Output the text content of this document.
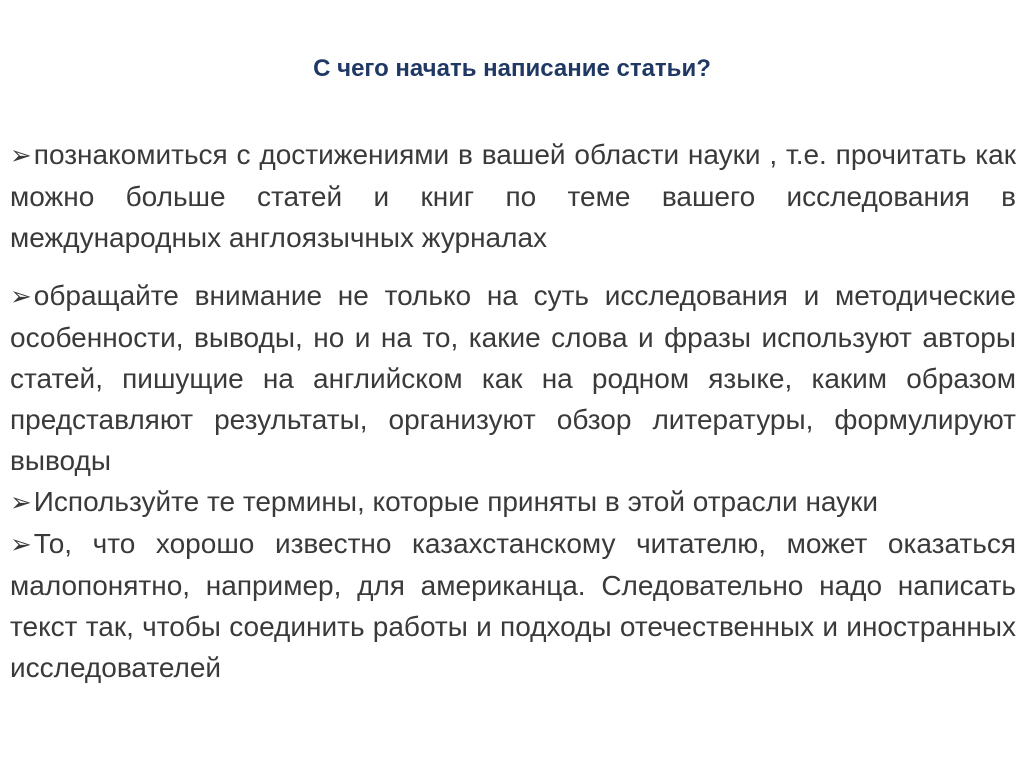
С чего начать написание статьи?

➢познакомиться с достижениями в вашей области науки , т.е. прочитать как можно больше статей и книг по теме вашего исследования в международных англоязычных журналах

➢обращайте внимание не только на суть исследования и методические особенности, выводы, но и на то, какие слова и фразы используют авторы статей, пишущие на английском как на родном языке, каким образом представляют результаты, организуют обзор литературы, формулируют выводы

➢Используйте те термины, которые приняты в этой отрасли науки

➢То, что хорошо известно казахстанскому читателю, может оказаться малопонятно, например, для американца. Следовательно надо написать текст так, чтобы соединить работы и подходы отечественных и иностранных исследователей
